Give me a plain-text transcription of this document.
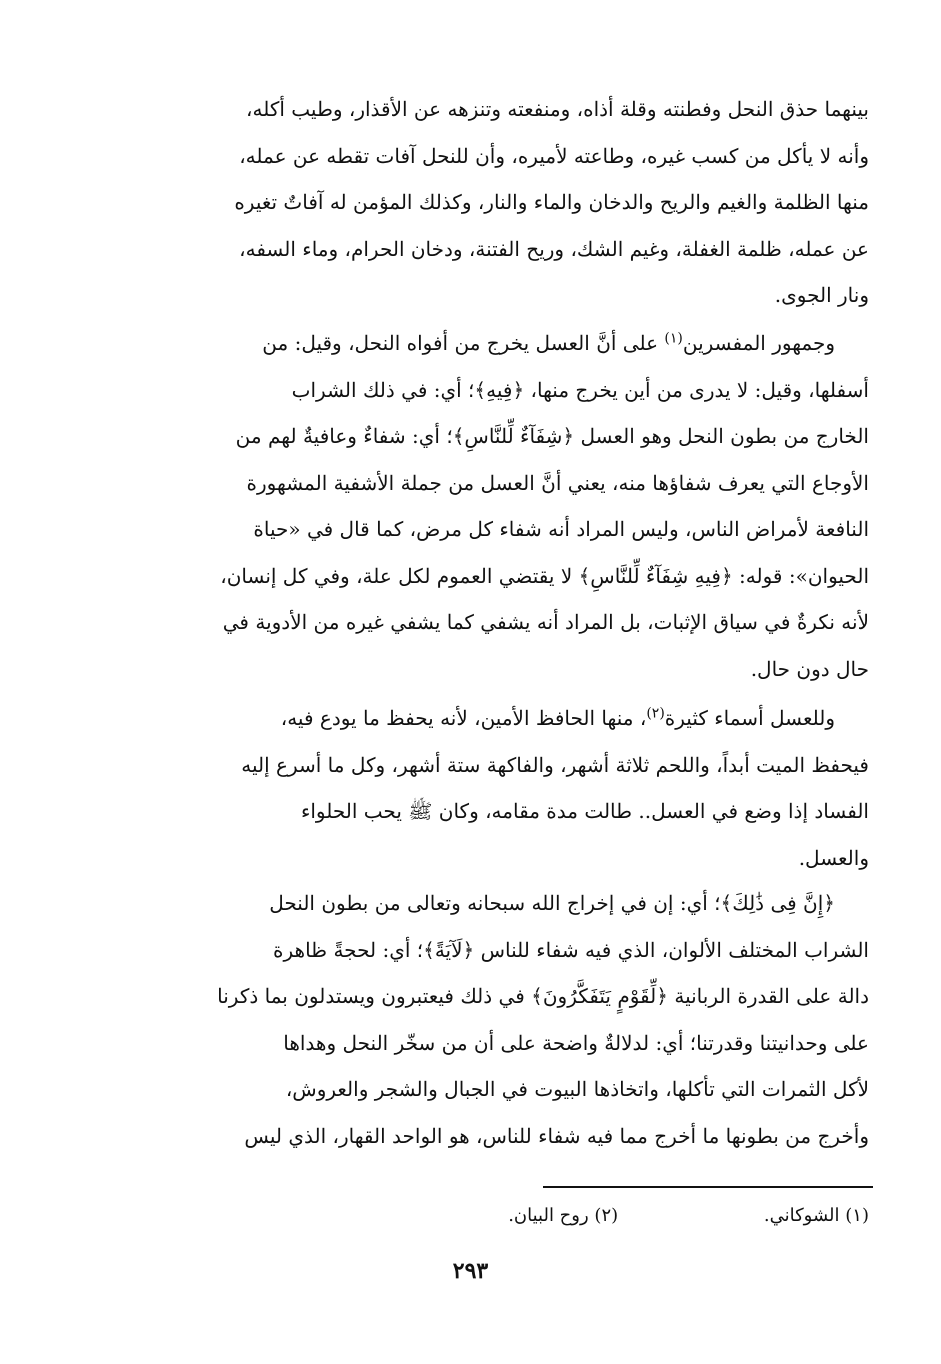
بينهما حذق النحل وفطنته وقلة أذاه، ومنفعته وتنزهه عن الأقذار، وطيب أكله،
وأنه لا يأكل من كسب غيره، وطاعته لأميره، وأن للنحل آفات تقطه عن عمله،
منها الظلمة والغيم والريح والدخان والماء والنار، وكذلك المؤمن له آفاتٌ تغيره
عن عمله، ظلمة الغفلة، وغيم الشك، وريح الفتنة، ودخان الحرام، وماء السفه،
ونار الجوى.
وجمهور المفسرين$^{(١)}$ على أنَّ العسل يخرج من أفواه النحل، وقيل: من
أسفلها، وقيل: لا يدرى من أين يخرج منها، ﴿فِيهِ﴾؛ أي: في ذلك الشراب
الخارج من بطون النحل وهو العسل ﴿شِفَآءٌ لِّلنَّاسِ﴾؛ أي: شفاءٌ وعافيةٌ لهم من
الأوجاع التي يعرف شفاؤها منه، يعني أنَّ العسل من جملة الأشفية المشهورة
النافعة لأمراض الناس، وليس المراد أنه شفاء كل مرض، كما قال في «حياة
الحيوان»: قوله: ﴿فِيهِ شِفَآءٌ لِّلنَّاسِ﴾ لا يقتضي العموم لكل علة، وفي كل إنسان،
لأنه نكرةٌ في سياق الإثبات، بل المراد أنه يشفي كما يشفي غيره من الأدوية في
حال دون حال.
وللعسل أسماء كثيرة$^{(٢)}$، منها الحافظ الأمين، لأنه يحفظ ما يودع فيه،
فيحفظ الميت أبداً، واللحم ثلاثة أشهر، والفاكهة ستة أشهر، وكل ما أسرع إليه
الفساد إذا وضع في العسل.. طالت مدة مقامه، وكان ﷺ يحب الحلواء
والعسل.
﴿إِنَّ فِى ذَٰلِكَ﴾؛ أي: إن في إخراج الله سبحانه وتعالى من بطون النحل
الشراب المختلف الألوان، الذي فيه شفاء للناس ﴿لَآيَةً﴾؛ أي: لحجةً ظاهرة
دالة على القدرة الربانية ﴿لِّقَوْمٍ يَتَفَكَّرُونَ﴾ في ذلك فيعتبرون ويستدلون بما ذكرنا
على وحدانيتنا وقدرتنا؛ أي: لدلالةٌ واضحة على أن من سخّر النحل وهداها
لأكل الثمرات التي تأكلها، واتخاذها البيوت في الجبال والشجر والعروش،
وأخرج من بطونها ما أخرج مما فيه شفاء للناس، هو الواحد القهار، الذي ليس
(١) الشوكاني. (٢) روح البيان.
٢٩٣
